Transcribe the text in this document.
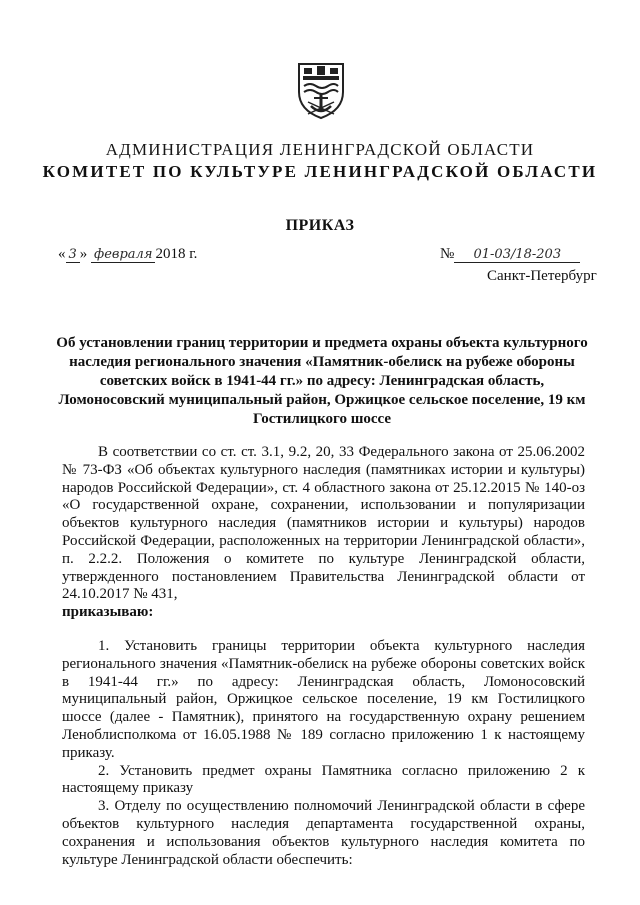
АДМИНИСТРАЦИЯ ЛЕНИНГРАДСКОЙ ОБЛАСТИ
КОМИТЕТ ПО КУЛЬТУРЕ ЛЕНИНГРАДСКОЙ ОБЛАСТИ
ПРИКАЗ
« 3 » февраля 2018 г.	№ 01-03/18-203
Санкт-Петербург
Об установлении границ территории и предмета охраны объекта культурного наследия регионального значения «Памятник-обелиск на рубеже обороны советских войск в 1941-44 гг.» по адресу: Ленинградская область, Ломоносовский муниципальный район, Оржицкое сельское поселение, 19 км Гостилицкого шоссе

В соответствии со ст. ст. 3.1, 9.2, 20, 33 Федерального закона от 25.06.2002 № 73-ФЗ «Об объектах культурного наследия (памятниках истории и культуры) народов Российской Федерации», ст. 4 областного закона от 25.12.2015 № 140-оз «О государственной охране, сохранении, использовании и популяризации объектов культурного наследия (памятников истории и культуры) народов Российской Федерации, расположенных на территории Ленинградской области», п. 2.2.2. Положения о комитете по культуре Ленинградской области, утвержденного постановлением Правительства Ленинградской области от 24.10.2017 № 431,

приказываю:

1. Установить границы территории объекта культурного наследия регионального значения «Памятник-обелиск на рубеже обороны советских войск в 1941-44 гг.» по адресу: Ленинградская область, Ломоносовский муниципальный район, Оржицкое сельское поселение, 19 км Гостилицкого шоссе (далее - Памятник), принятого на государственную охрану решением Леноблисполкома от 16.05.1988 № 189 согласно приложению 1 к настоящему приказу.

2. Установить предмет охраны Памятника согласно приложению 2 к настоящему приказу

3. Отделу по осуществлению полномочий Ленинградской области в сфере объектов культурного наследия департамента государственной охраны, сохранения и использования объектов культурного наследия комитета по культуре Ленинградской области обеспечить:
